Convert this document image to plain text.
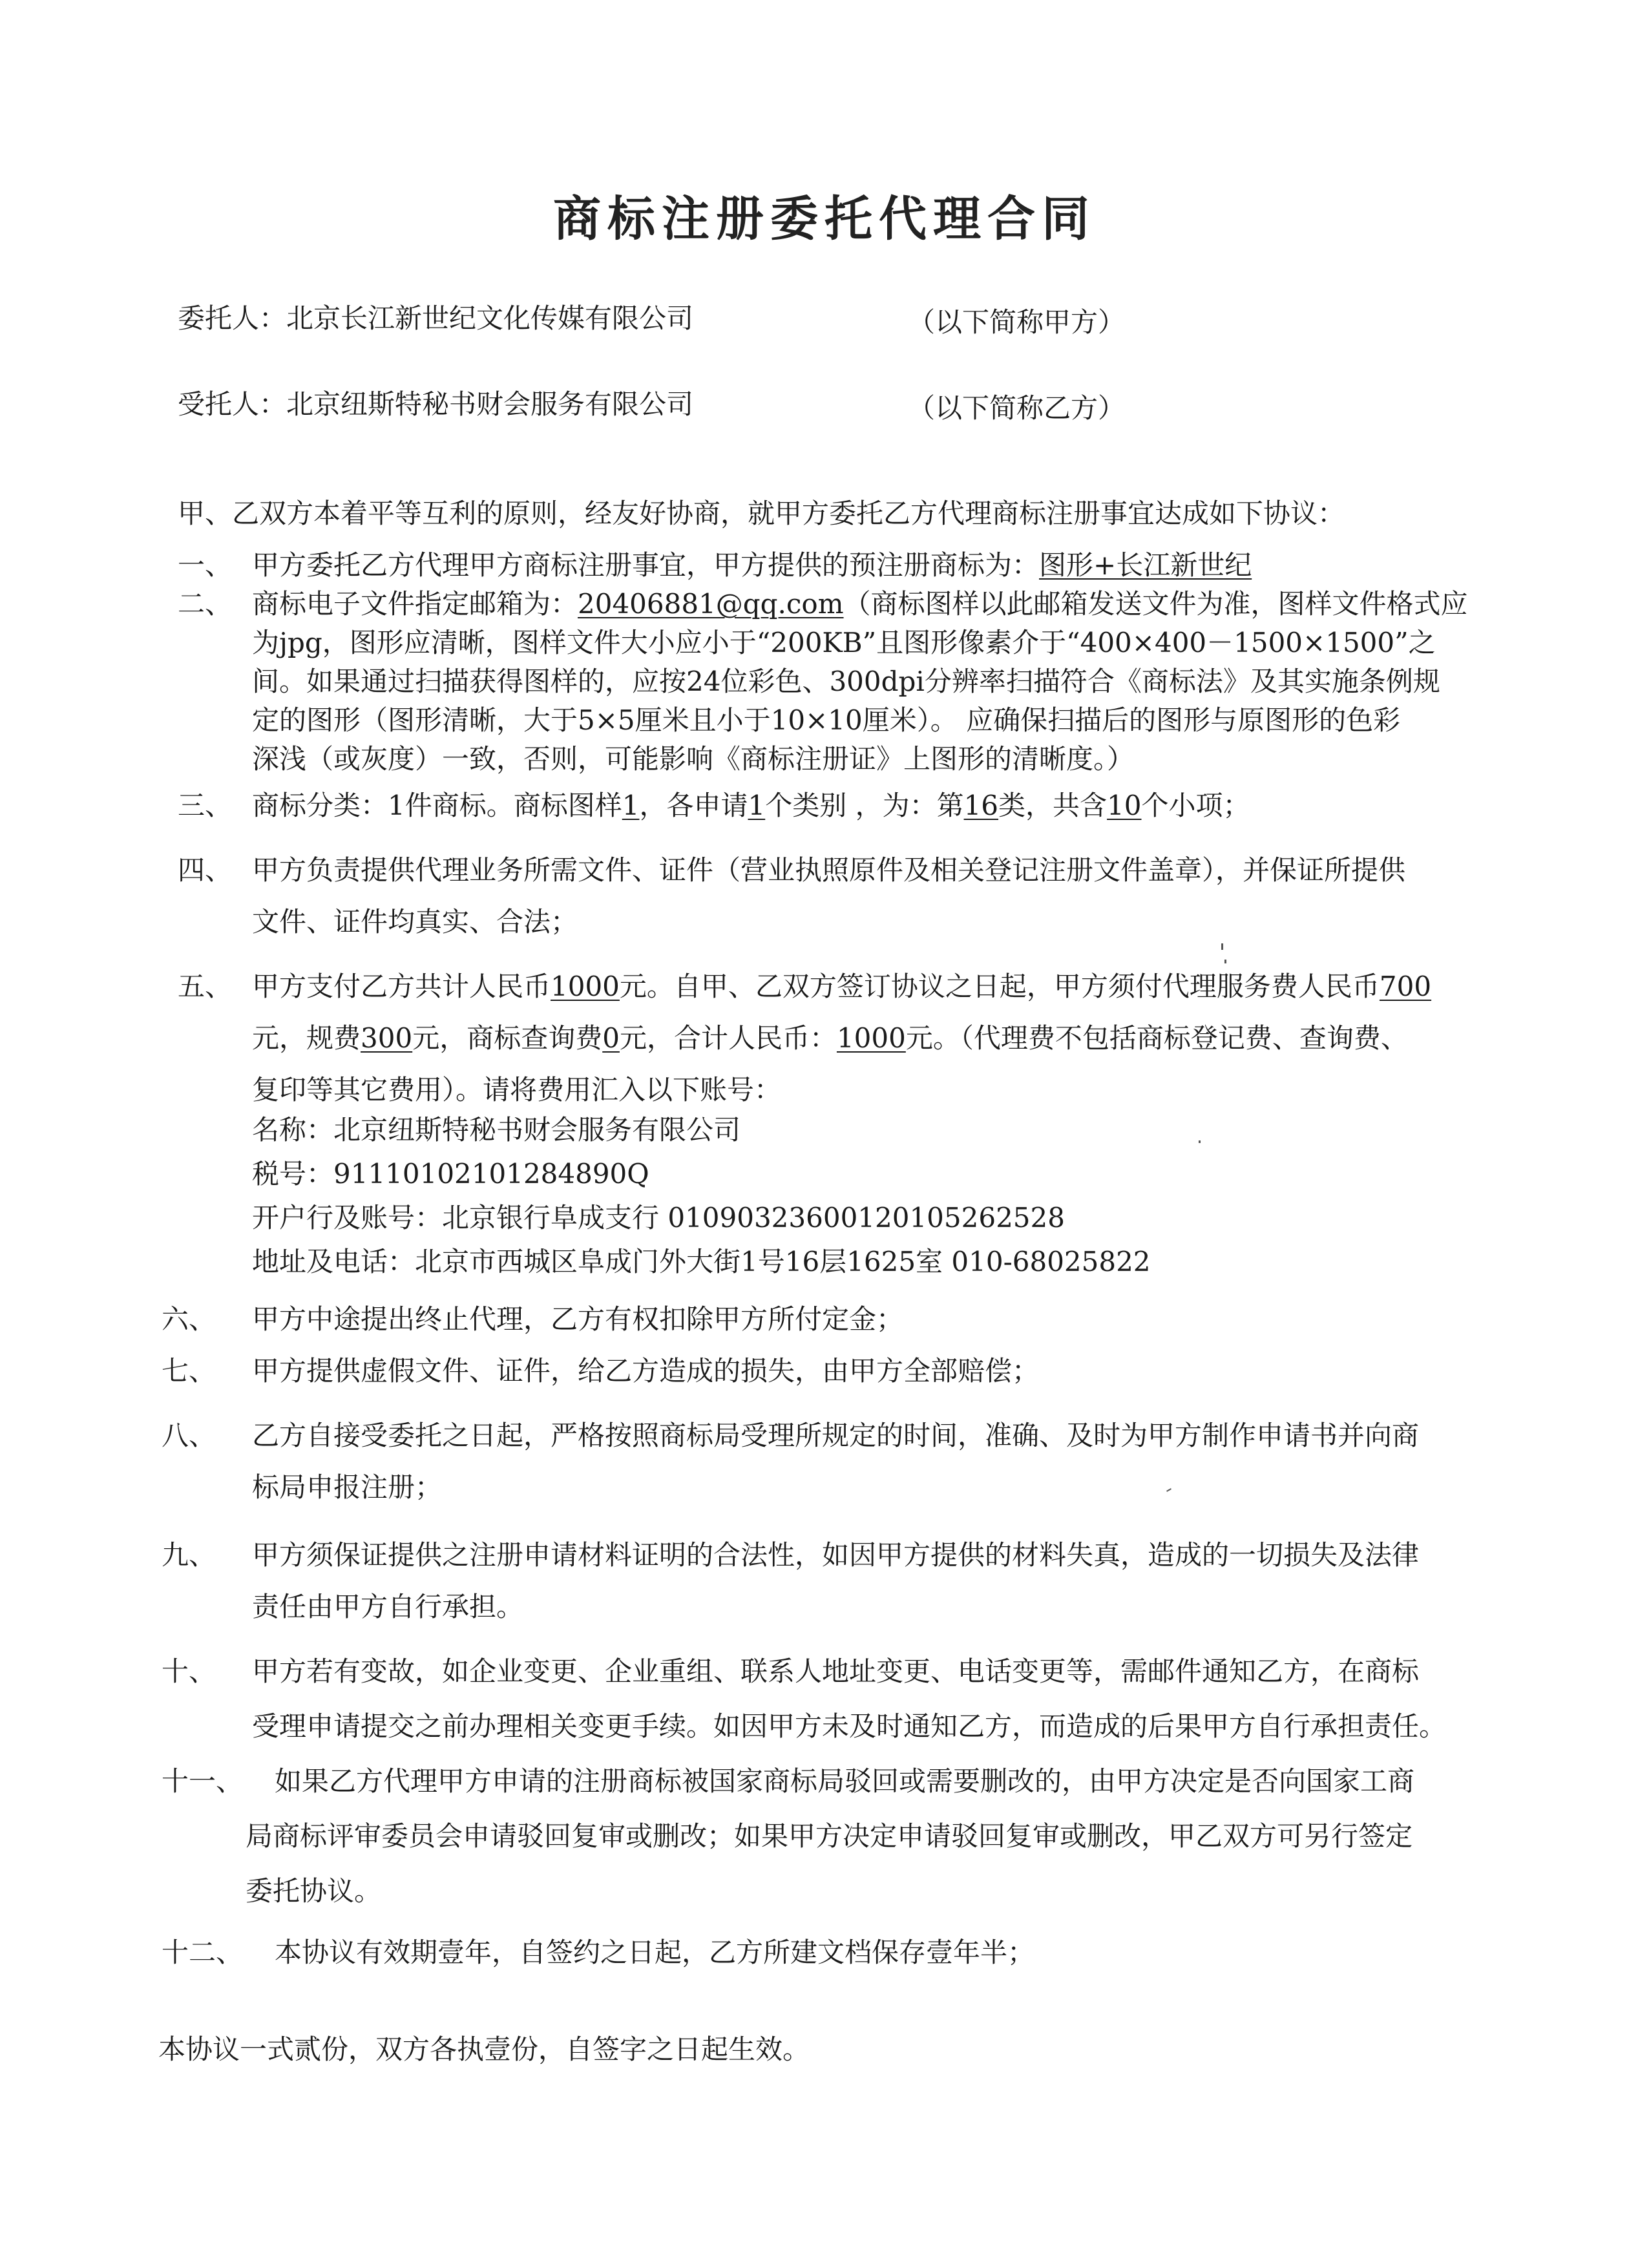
商标注册委托代理合同
委托人：北京长江新世纪文化传媒有限公司	（以下简称甲方）
受托人：北京纽斯特秘书财会服务有限公司	（以下简称乙方）
甲、乙双方本着平等互利的原则，经友好协商，就甲方委托乙方代理商标注册事宜达成如下协议：
一、 甲方委托乙方代理甲方商标注册事宜，甲方提供的预注册商标为：图形+长江新世纪
二、 商标电子文件指定邮箱为：20406881@qq.com（商标图样以此邮箱发送文件为准，图样文件格式应
为jpg，图形应清晰，图样文件大小应小于“200KB”且图形像素介于“400×400－1500×1500”之
间。如果通过扫描获得图样的，应按24位彩色、300dpi分辨率扫描符合《商标法》及其实施条例规
定的图形（图形清晰，大于5×5厘米且小于10×10厘米）。 应确保扫描后的图形与原图形的色彩
深浅（或灰度）一致，否则，可能影响《商标注册证》上图形的清晰度。）
三、 商标分类：1件商标。商标图样1，各申请1个类别 ，为：第16类，共含10个小项；
四、 甲方负责提供代理业务所需文件、证件（营业执照原件及相关登记注册文件盖章），并保证所提供
文件、证件均真实、合法；
五、 甲方支付乙方共计人民币1000元。自甲、乙双方签订协议之日起，甲方须付代理服务费人民币700
元，规费300元，商标查询费0元，合计人民币：1000元。（代理费不包括商标登记费、查询费、
复印等其它费用）。请将费用汇入以下账号：
名称：北京纽斯特秘书财会服务有限公司
税号：91110102101284890Q
开户行及账号：北京银行阜成支行 01090323600120105262528
地址及电话：北京市西城区阜成门外大街1号16层1625室 010-68025822
六、 甲方中途提出终止代理，乙方有权扣除甲方所付定金；
七、 甲方提供虚假文件、证件，给乙方造成的损失，由甲方全部赔偿；
八、 乙方自接受委托之日起，严格按照商标局受理所规定的时间，准确、及时为甲方制作申请书并向商
标局申报注册；
九、 甲方须保证提供之注册申请材料证明的合法性，如因甲方提供的材料失真，造成的一切损失及法律
责任由甲方自行承担。
十、 甲方若有变故，如企业变更、企业重组、联系人地址变更、电话变更等，需邮件通知乙方，在商标
受理申请提交之前办理相关变更手续。如因甲方未及时通知乙方，而造成的后果甲方自行承担责任。
十一、 如果乙方代理甲方申请的注册商标被国家商标局驳回或需要删改的，由甲方决定是否向国家工商
局商标评审委员会申请驳回复审或删改；如果甲方决定申请驳回复审或删改，甲乙双方可另行签定
委托协议。
十二、 本协议有效期壹年，自签约之日起，乙方所建文档保存壹年半；
本协议一式贰份，双方各执壹份，自签字之日起生效。
